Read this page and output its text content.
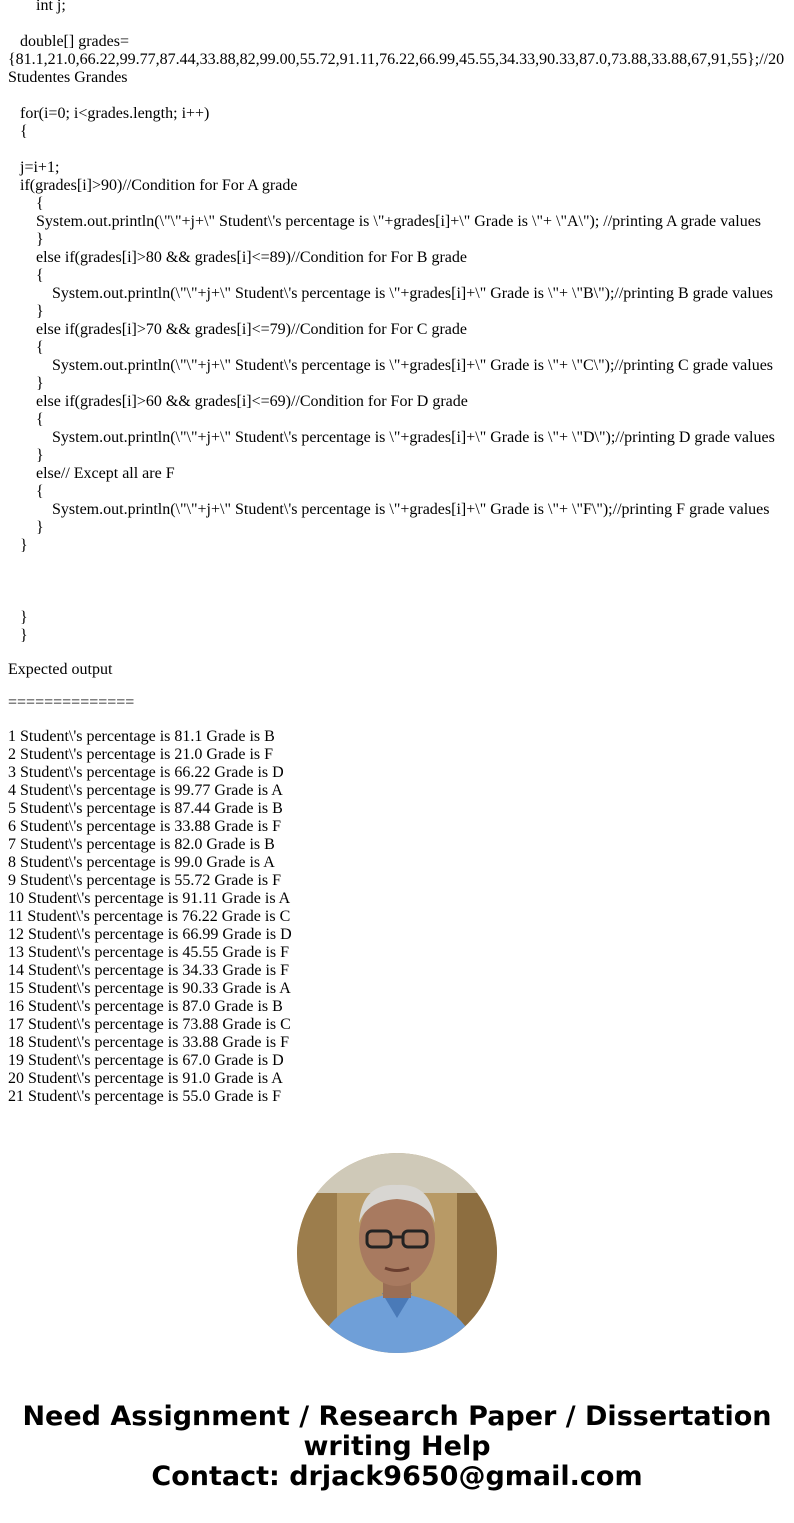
int j;
double[] grades=
{81.1,21.0,66.22,99.77,87.44,33.88,82,99.00,55.72,91.11,76.22,66.99,45.55,34.33,90.33,87.0,73.88,33.88,67,91,55};//20
Studentes Grandes
for(i=0; i<grades.length; i++)
{
j=i+1;
if(grades[i]>90)//Condition for For A grade
{
System.out.println(\"\"+j+\" Student\'s percentage is \"+grades[i]+\" Grade is \"+ \"A\"); //printing A grade values
}
else if(grades[i]>80 && grades[i]<=89)//Condition for For B grade
{
System.out.println(\"\"+j+\" Student\'s percentage is \"+grades[i]+\" Grade is \"+ \"B\");//printing B grade values
}
else if(grades[i]>70 && grades[i]<=79)//Condition for For C grade
{
System.out.println(\"\"+j+\" Student\'s percentage is \"+grades[i]+\" Grade is \"+ \"C\");//printing C grade values
}
else if(grades[i]>60 && grades[i]<=69)//Condition for For D grade
{
System.out.println(\"\"+j+\" Student\'s percentage is \"+grades[i]+\" Grade is \"+ \"D\");//printing D grade values
}
else// Except all are F
{
System.out.println(\"\"+j+\" Student\'s percentage is \"+grades[i]+\" Grade is \"+ \"F\");//printing F grade values
}
}
}
}
Expected output
==============
1 Student\'s percentage is 81.1 Grade is B
2 Student\'s percentage is 21.0 Grade is F
3 Student\'s percentage is 66.22 Grade is D
4 Student\'s percentage is 99.77 Grade is A
5 Student\'s percentage is 87.44 Grade is B
6 Student\'s percentage is 33.88 Grade is F
7 Student\'s percentage is 82.0 Grade is B
8 Student\'s percentage is 99.0 Grade is A
9 Student\'s percentage is 55.72 Grade is F
10 Student\'s percentage is 91.11 Grade is A
11 Student\'s percentage is 76.22 Grade is C
12 Student\'s percentage is 66.99 Grade is D
13 Student\'s percentage is 45.55 Grade is F
14 Student\'s percentage is 34.33 Grade is F
15 Student\'s percentage is 90.33 Grade is A
16 Student\'s percentage is 87.0 Grade is B
17 Student\'s percentage is 73.88 Grade is C
18 Student\'s percentage is 33.88 Grade is F
19 Student\'s percentage is 67.0 Grade is D
20 Student\'s percentage is 91.0 Grade is A
21 Student\'s percentage is 55.0 Grade is F
Need Assignment / Research Paper / Dissertation
writing Help
Contact: drjack9650@gmail.com
